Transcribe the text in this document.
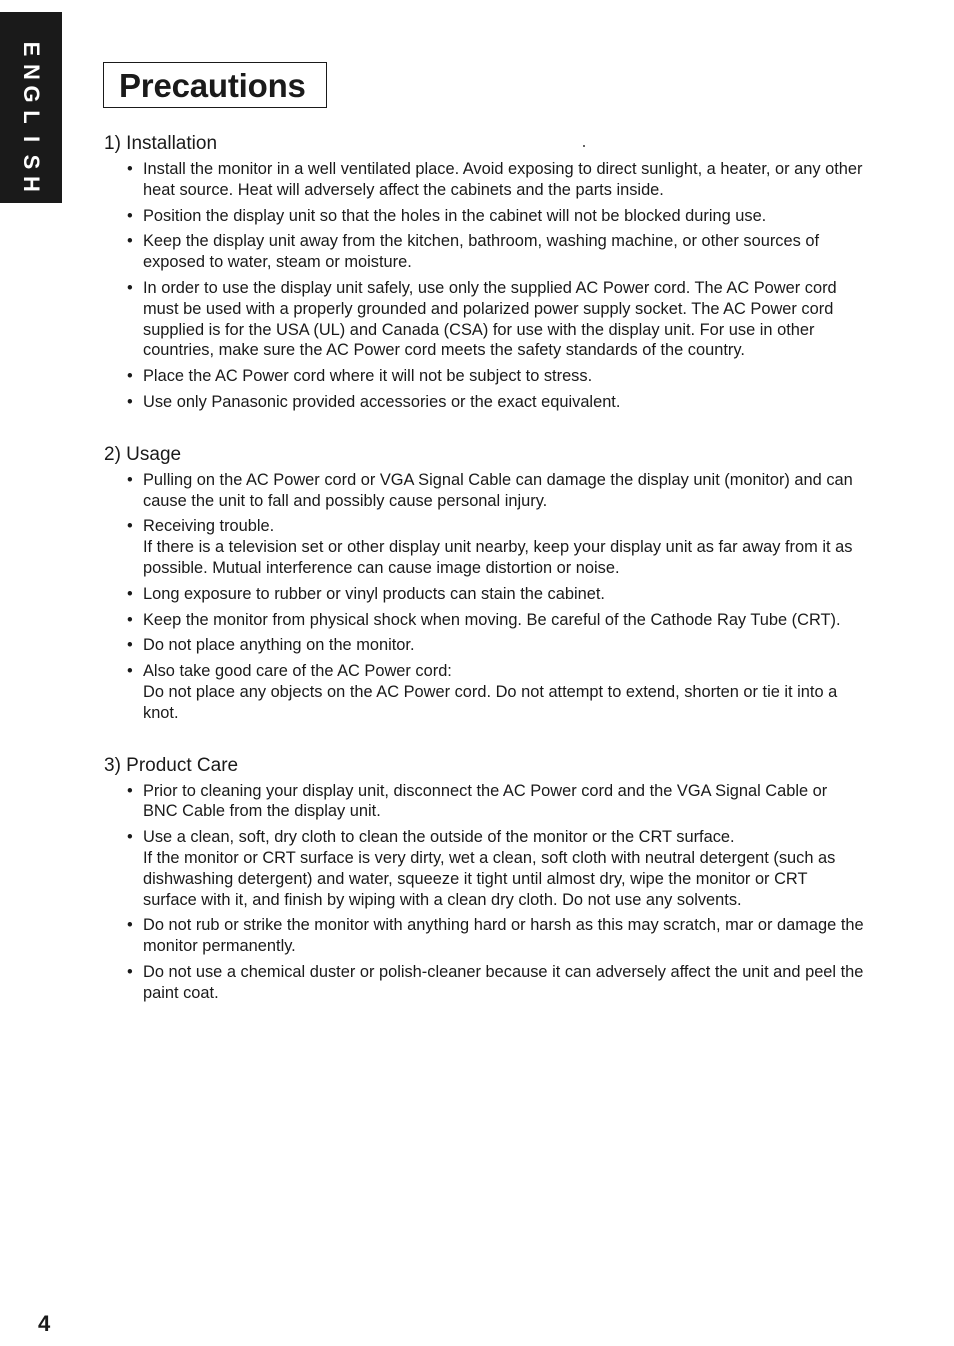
E
N
G
L
I
S
H
Precautions
1) Installation
• Install the monitor in a well ventilated place. Avoid exposing to direct sunlight, a heater, or any other heat source. Heat will adversely affect the cabinets and the parts inside.

• Position the display unit so that the holes in the cabinet will not be blocked during use.

• Keep the display unit away from the kitchen, bathroom, washing machine, or other sources of exposed to water, steam or moisture.

• In order to use the display unit safely, use only the supplied AC Power cord. The AC Power cord must be used with a properly grounded and polarized power supply socket. The AC Power cord supplied is for the USA (UL) and Canada (CSA) for use with the display unit. For use in other countries, make sure the AC Power cord meets the safety standards of the country.

• Place the AC Power cord where it will not be subject to stress.

• Use only Panasonic provided accessories or the exact equivalent.

2) Usage
• Pulling on the AC Power cord or VGA Signal Cable can damage the display unit (monitor) and can cause the unit to fall and possibly cause personal injury.

• Receiving trouble.

If there is a television set or other display unit nearby, keep your display unit as far away from it as possible. Mutual interference can cause image distortion or noise.

• Long exposure to rubber or vinyl products can stain the cabinet.

• Keep the monitor from physical shock when moving. Be careful of the Cathode Ray Tube (CRT).

• Do not place anything on the monitor.

• Also take good care of the AC Power cord:

Do not place any objects on the AC Power cord. Do not attempt to extend, shorten or tie it into a knot.

3) Product Care
• Prior to cleaning your display unit, disconnect the AC Power cord and the VGA Signal Cable or BNC Cable from the display unit.

• Use a clean, soft, dry cloth to clean the outside of the monitor or the CRT surface.

If the monitor or CRT surface is very dirty, wet a clean, soft cloth with neutral detergent (such as dishwashing detergent) and water, squeeze it tight until almost dry, wipe the monitor or CRT surface with it, and finish by wiping with a clean dry cloth. Do not use any solvents.

• Do not rub or strike the monitor with anything hard or harsh as this may scratch, mar or damage the monitor permanently.

• Do not use a chemical duster or polish-cleaner because it can adversely affect the unit and peel the paint coat.

4
